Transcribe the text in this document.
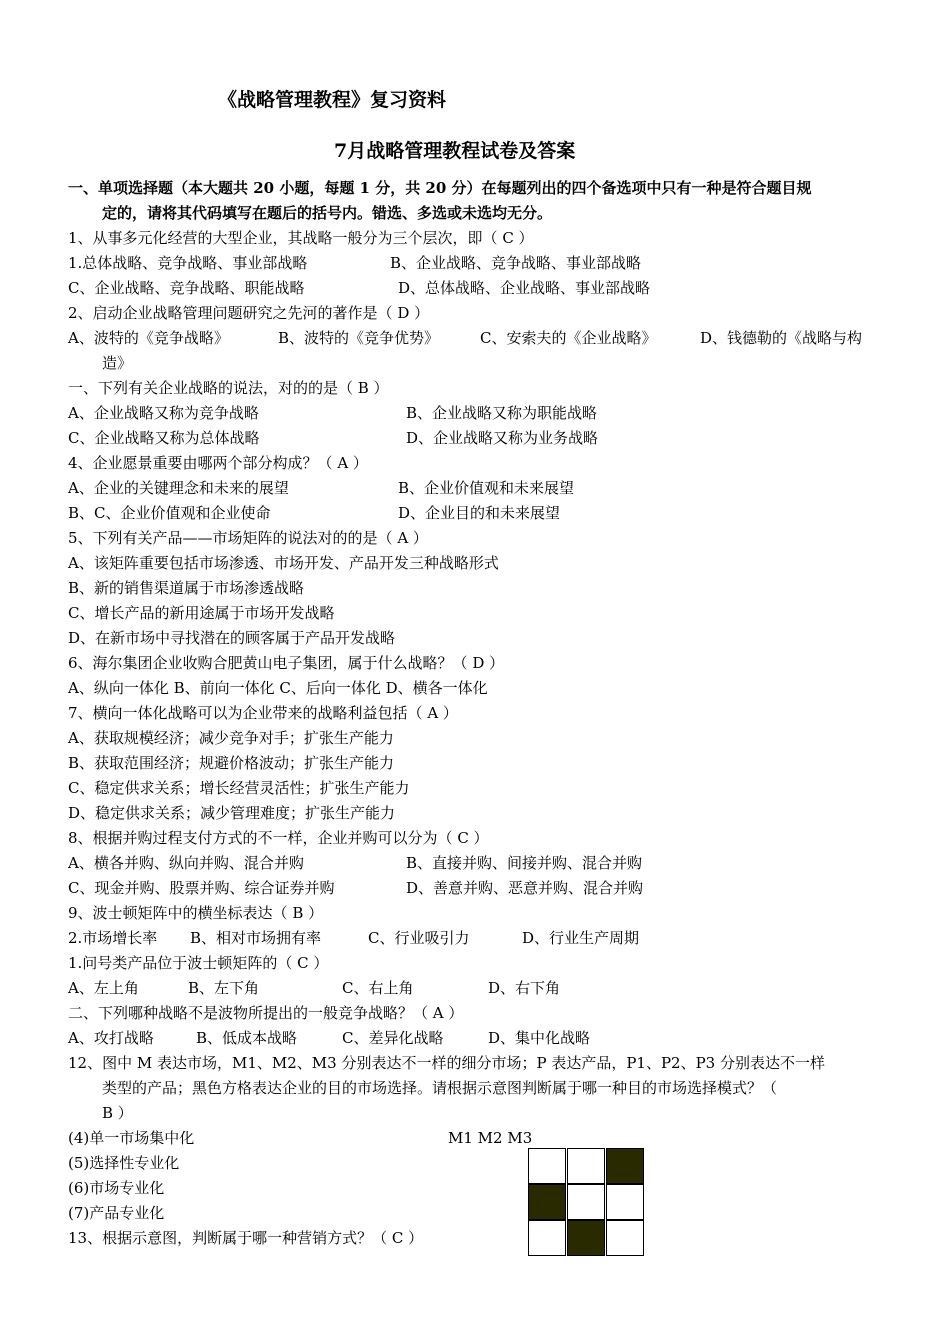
《战略管理教程》复习资料
7月战略管理教程试卷及答案
一、单项选择题（本大题共 20 小题，每题 1 分，共 20 分）在每题列出的四个备选项中只有一种是符合题目规
定的，请将其代码填写在题后的括号内。错选、多选或未选均无分。
1、从事多元化经营的大型企业，其战略一般分为三个层次，即（ C ）
1.总体战略、竞争战略、事业部战略	B、企业战略、竞争战略、事业部战略
C、企业战略、竞争战略、职能战略	D、总体战略、企业战略、事业部战略
2、启动企业战略管理问题研究之先河的著作是（ D ）
A、波特的《竞争战略》	B、波特的《竞争优势》	C、安索夫的《企业战略》	D、钱德勒的《战略与构
造》
一、下列有关企业战略的说法，对的的是（ B ）
A、企业战略又称为竞争战略	B、企业战略又称为职能战略
C、企业战略又称为总体战略	D、企业战略又称为业务战略
4、企业愿景重要由哪两个部分构成？（ A ）
A、企业的关键理念和未来的展望	B、企业价值观和未来展望
B、C、企业价值观和企业使命	D、企业目的和未来展望
5、下列有关产品——市场矩阵的说法对的的是（ A ）
A、该矩阵重要包括市场渗透、市场开发、产品开发三种战略形式
B、新的销售渠道属于市场渗透战略
C、增长产品的新用途属于市场开发战略
D、在新市场中寻找潜在的顾客属于产品开发战略
6、海尔集团企业收购合肥黄山电子集团，属于什么战略？（ D ）
A、纵向一体化 B、前向一体化 C、后向一体化 D、横各一体化
7、横向一体化战略可以为企业带来的战略利益包括（ A ）
A、获取规模经济；减少竞争对手；扩张生产能力
B、获取范围经济；规避价格波动；扩张生产能力
C、稳定供求关系；增长经营灵活性；扩张生产能力
D、稳定供求关系；减少管理难度；扩张生产能力
8、根据并购过程支付方式的不一样，企业并购可以分为（ C ）
A、横各并购、纵向并购、混合并购	B、直接并购、间接并购、混合并购
C、现金并购、股票并购、综合证券并购	D、善意并购、恶意并购、混合并购
9、波士顿矩阵中的横坐标表达（ B ）
2.市场增长率 B、相对市场拥有率	C、行业吸引力	D、行业生产周期
1.问号类产品位于波士顿矩阵的（ C ）
A、左上角	B、左下角	C、右上角	D、右下角
二、下列哪种战略不是波物所提出的一般竞争战略？（ A ）
A、攻打战略	B、低成本战略	C、差异化战略	D、集中化战略
12、图中 M 表达市场，M1、M2、M3 分别表达不一样的细分市场；P 表达产品，P1、P2、P3 分别表达不一样
类型的产品；黑色方格表达企业的目的市场选择。请根据示意图判断属于哪一种目的市场选择模式？（
B ）
(4)单一市场集中化
(5)选择性专业化
(6)市场专业化
(7)产品专业化
M1 M2 M3
13、根据示意图，判断属于哪一种营销方式？（ C ）
